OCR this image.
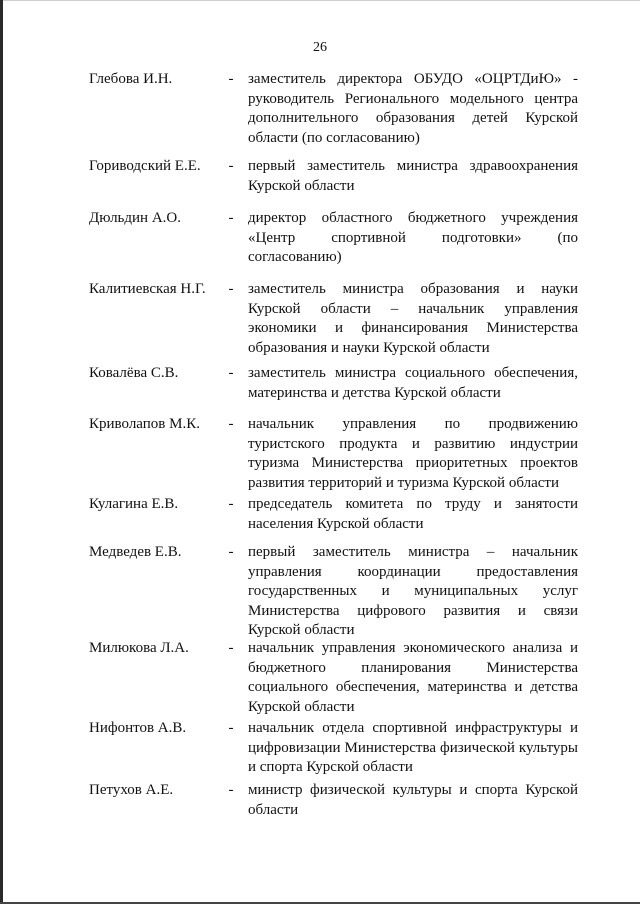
26
Глебова И.Н.	- заместитель директора ОБУДО «ОЦРТДиЮ» - руководитель Регионального модельного центра дополнительного образования детей Курской области (по согласованию)
Гориводский Е.Е.	- первый заместитель министра здравоохранения Курской области
Дюльдин А.О.	- директор областного бюджетного учреждения «Центр спортивной подготовки» (по согласованию)
Калитиевская Н.Г.	- заместитель министра образования и науки Курской области – начальник управления экономики и финансирования Министерства образования и науки Курской области
Ковалёва С.В.	- заместитель министра социального обеспечения, материнства и детства Курской области
Криволапов М.К.	- начальник управления по продвижению туристского продукта и развитию индустрии туризма Министерства приоритетных проектов развития территорий и туризма Курской области
Кулагина Е.В.	- председатель комитета по труду и занятости населения Курской области
Медведев Е.В.	- первый заместитель министра – начальник управления координации предоставления государственных и муниципальных услуг Министерства цифрового развития и связи Курской области
Милюкова Л.А.	- начальник управления экономического анализа и бюджетного планирования Министерства социального обеспечения, материнства и детства Курской области
Нифонтов А.В.	- начальник отдела спортивной инфраструктуры и цифровизации Министерства физической культуры и спорта Курской области
Петухов А.Е.	- министр физической культуры и спорта Курской области
